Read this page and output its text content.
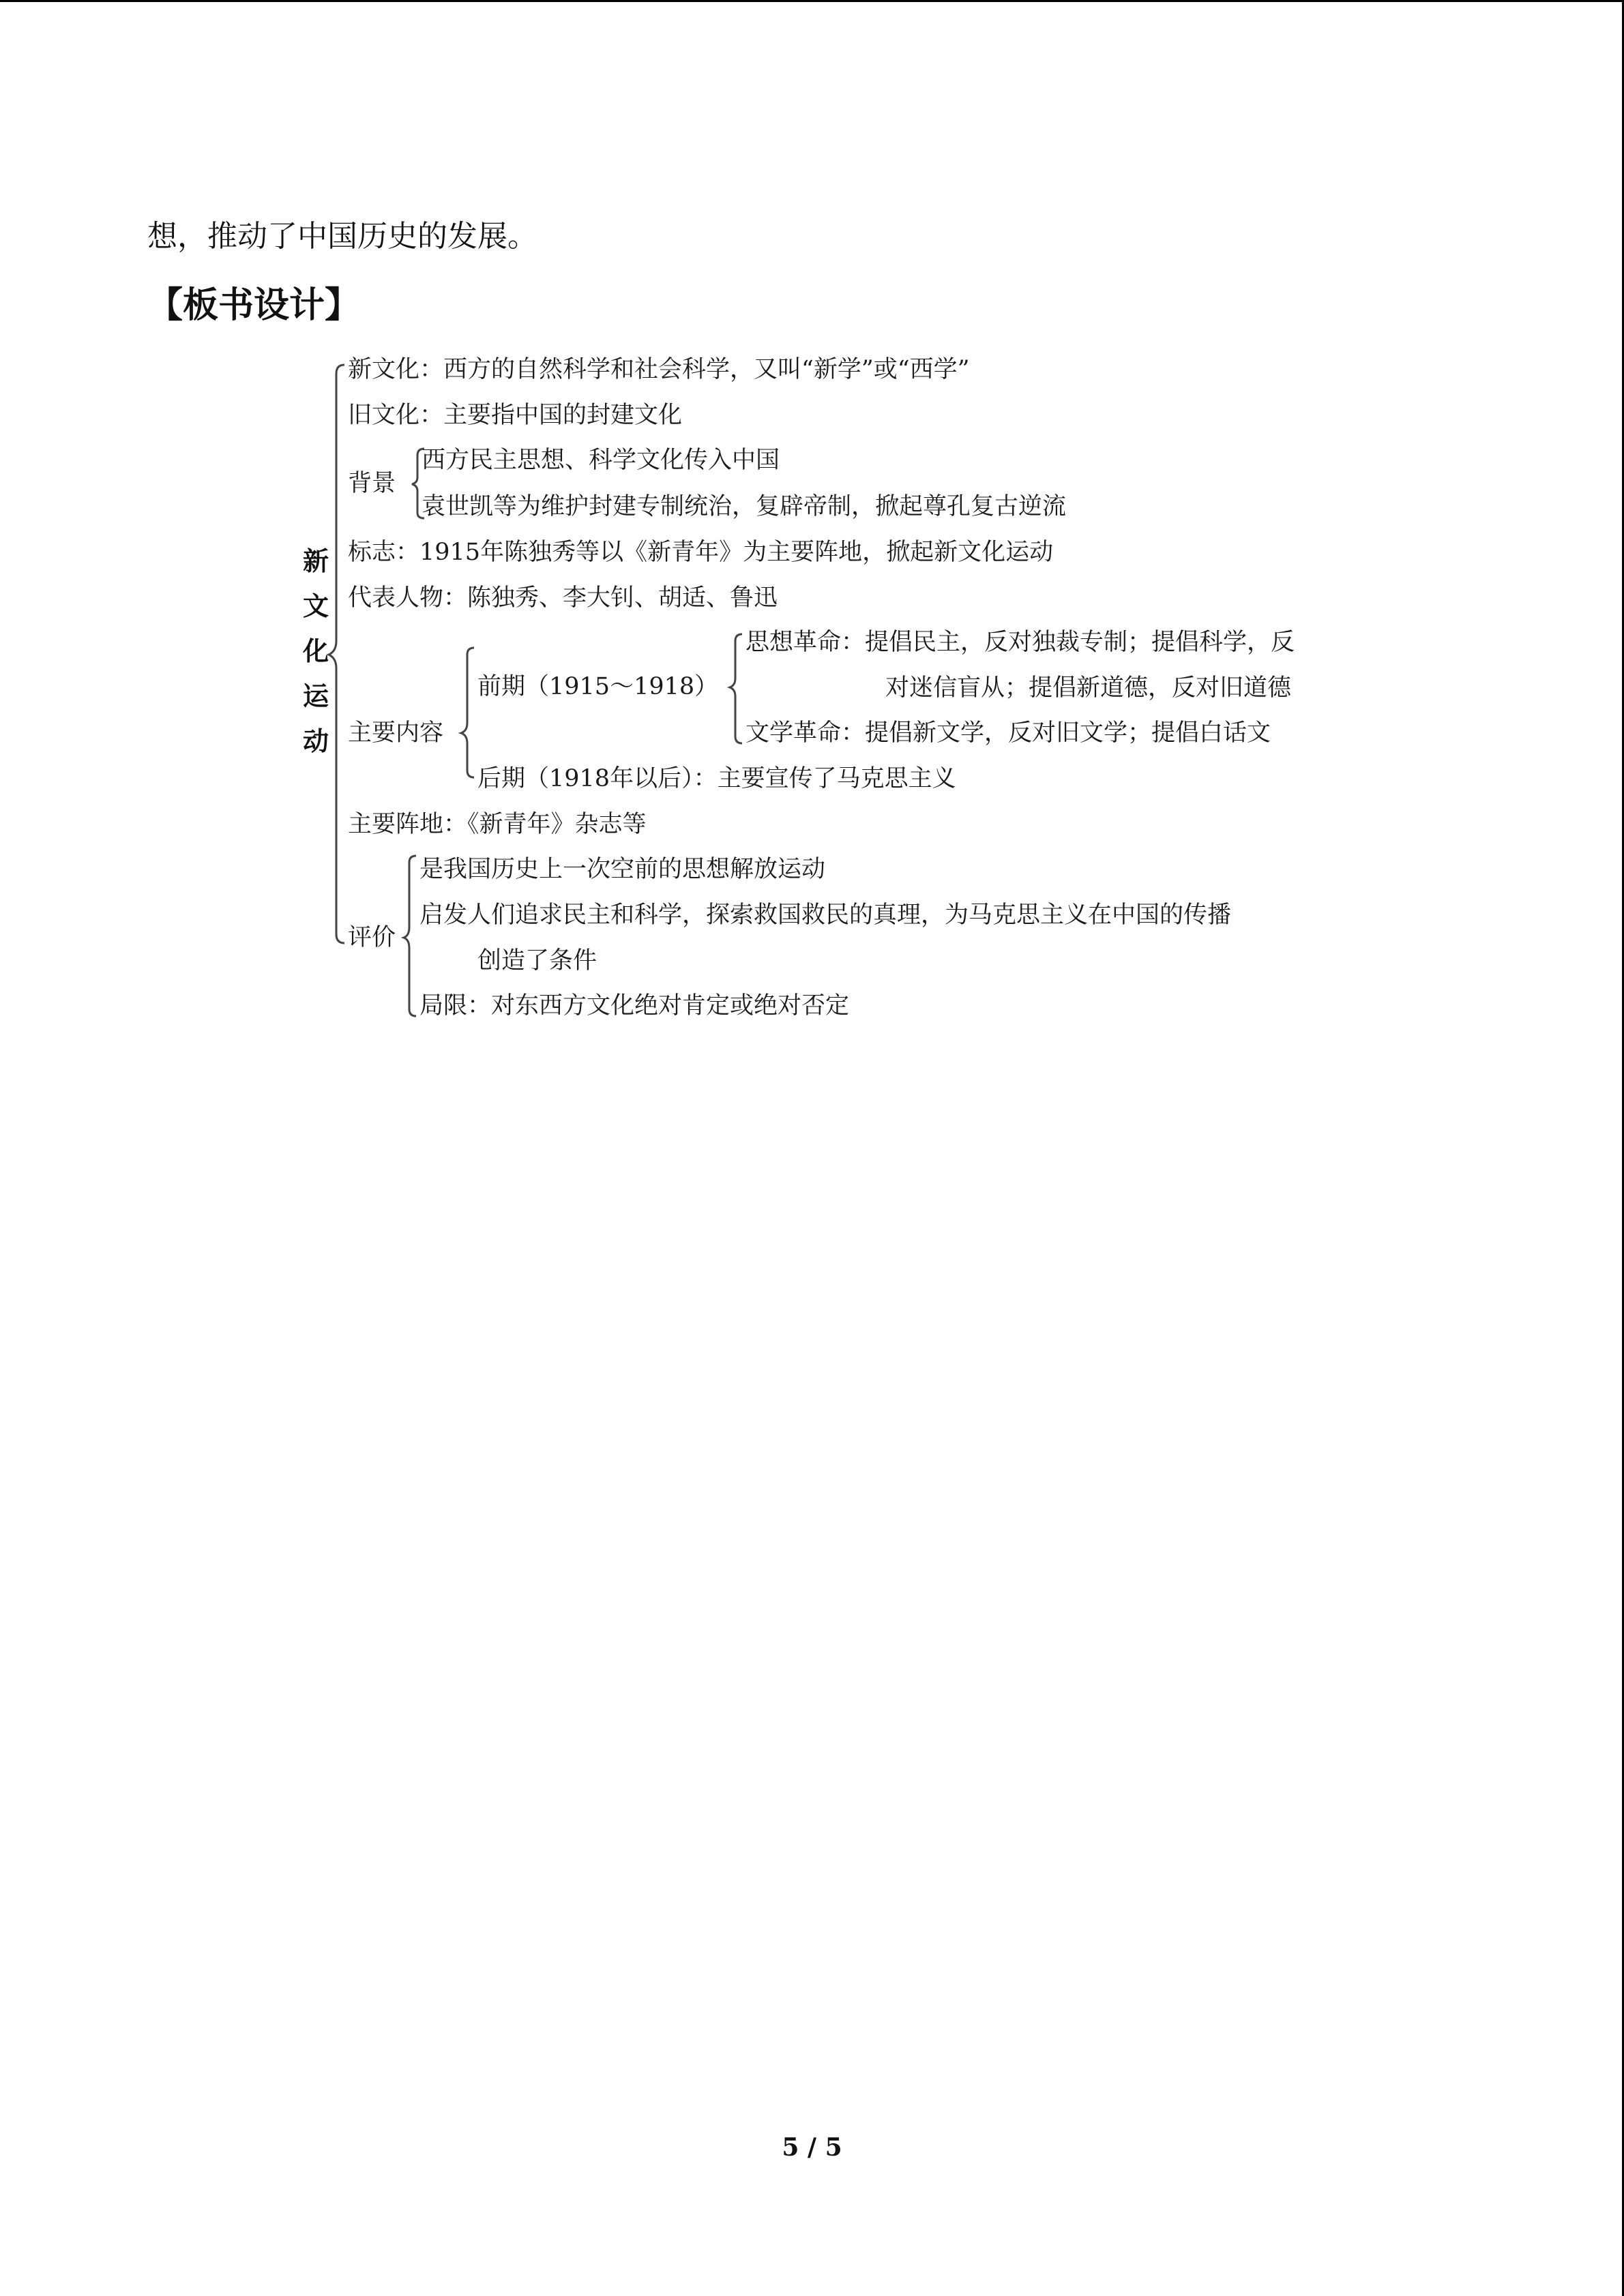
想，推动了中国历史的发展。
【板书设计】
新文化运动
新文化：西方的自然科学和社会科学，又叫“新学”或“西学”
旧文化：主要指中国的封建文化
背景
西方民主思想、科学文化传入中国
袁世凯等为维护封建专制统治，复辟帝制，掀起尊孔复古逆流
标志：1915年陈独秀等以《新青年》为主要阵地，掀起新文化运动
代表人物：陈独秀、李大钊、胡适、鲁迅
主要内容
前期（1915～1918）
思想革命：提倡民主，反对独裁专制；提倡科学，反
对迷信盲从；提倡新道德，反对旧道德
文学革命：提倡新文学，反对旧文学；提倡白话文
后期（1918年以后）：主要宣传了马克思主义
主要阵地：《新青年》杂志等
评价
是我国历史上一次空前的思想解放运动
启发人们追求民主和科学，探索救国救民的真理，为马克思主义在中国的传播
创造了条件
局限：对东西方文化绝对肯定或绝对否定
5 / 5
